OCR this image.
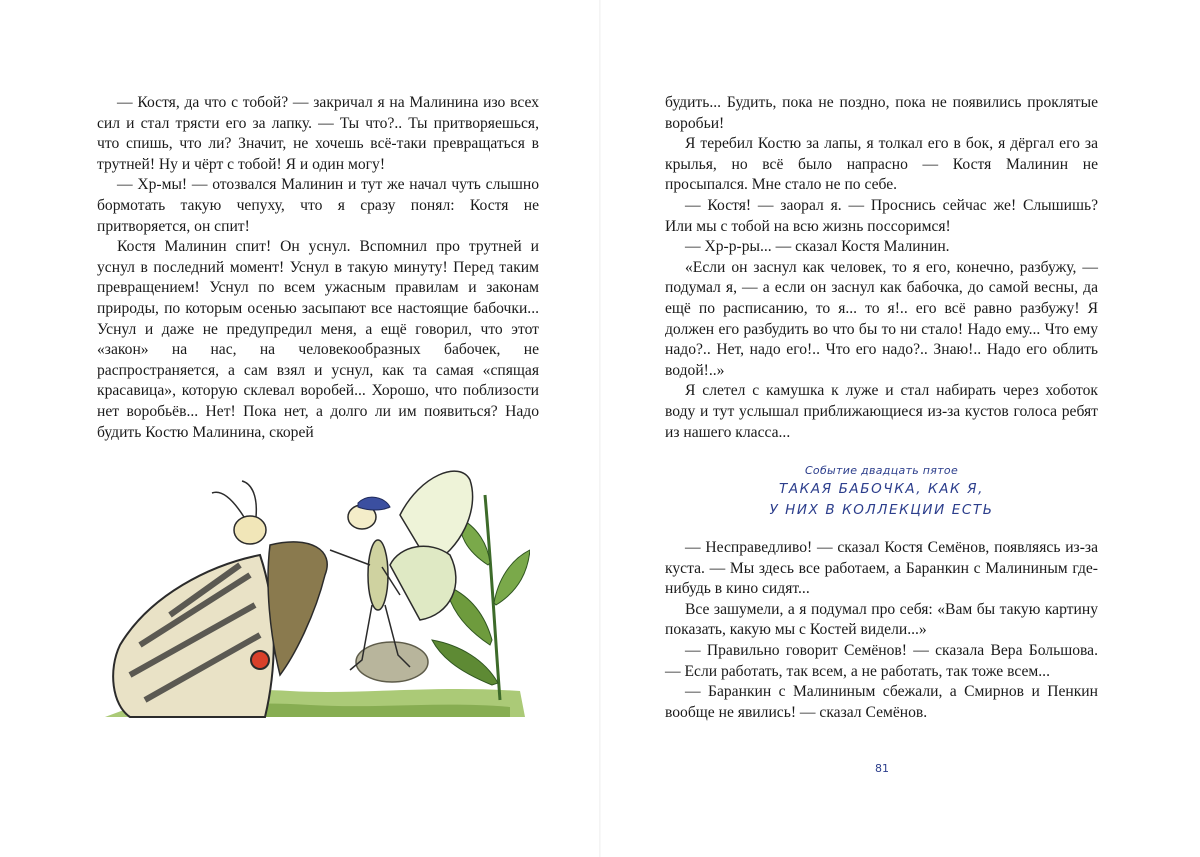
— Костя, да что с тобой? — закричал я на Малинина изо всех сил и стал трясти его за лапку. — Ты что?.. Ты притворяешься, что спишь, что ли? Значит, не хочешь всё-таки превращаться в трутней! Ну и чёрт с тобой! Я и один могу!

— Хр-мы! — отозвался Малинин и тут же начал чуть слышно бормотать такую чепуху, что я сразу понял: Костя не притворяется, он спит!

Костя Малинин спит! Он уснул. Вспомнил про трутней и уснул в последний момент! Уснул в такую минуту! Перед таким превращением! Уснул по всем ужасным правилам и законам природы, по которым осенью засыпают все настоящие бабочки... Уснул и даже не предупредил меня, а ещё говорил, что этот «закон» на нас, на человекообразных бабочек, не распространяется, а сам взял и уснул, как та самая «спящая красавица», которую склевал воробей... Хорошо, что поблизости нет воробьёв... Нет! Пока нет, а долго ли им появиться? Надо будить Костю Малинина, скорей

будить... Будить, пока не поздно, пока не появились проклятые воробьи!

Я теребил Костю за лапы, я толкал его в бок, я дёргал его за крылья, но всё было напрасно — Костя Малинин не просыпался. Мне стало не по себе.

— Костя! — заорал я. — Проснись сейчас же! Слышишь? Или мы с тобой на всю жизнь поссоримся!

— Хр-р-ры... — сказал Костя Малинин.

«Если он заснул как человек, то я его, конечно, разбужу, — подумал я, — а если он заснул как бабочка, до самой весны, да ещё по расписанию, то я... то я!.. его всё равно разбужу! Я должен его разбудить во что бы то ни стало! Надо ему... Что ему надо?.. Нет, надо его!.. Что его надо?.. Знаю!.. Надо его облить водой!..»

Я слетел с камушка к луже и стал набирать через хоботок воду и тут услышал приближающиеся из-за кустов голоса ребят из нашего класса...

Событие двадцать пятое
ТАКАЯ БАБОЧКА, КАК Я,
У НИХ В КОЛЛЕКЦИИ ЕСТЬ

— Несправедливо! — сказал Костя Семёнов, появляясь из-за куста. — Мы здесь все работаем, а Баранкин с Малининым где-нибудь в кино сидят...

Все зашумели, а я подумал про себя: «Вам бы такую картину показать, какую мы с Костей видели...»

— Правильно говорит Семёнов! — сказала Вера Большова. — Если работать, так всем, а не работать, так тоже всем...

— Баранкин с Малининым сбежали, а Смирнов и Пенкин вообще не явились! — сказал Семёнов.

81
